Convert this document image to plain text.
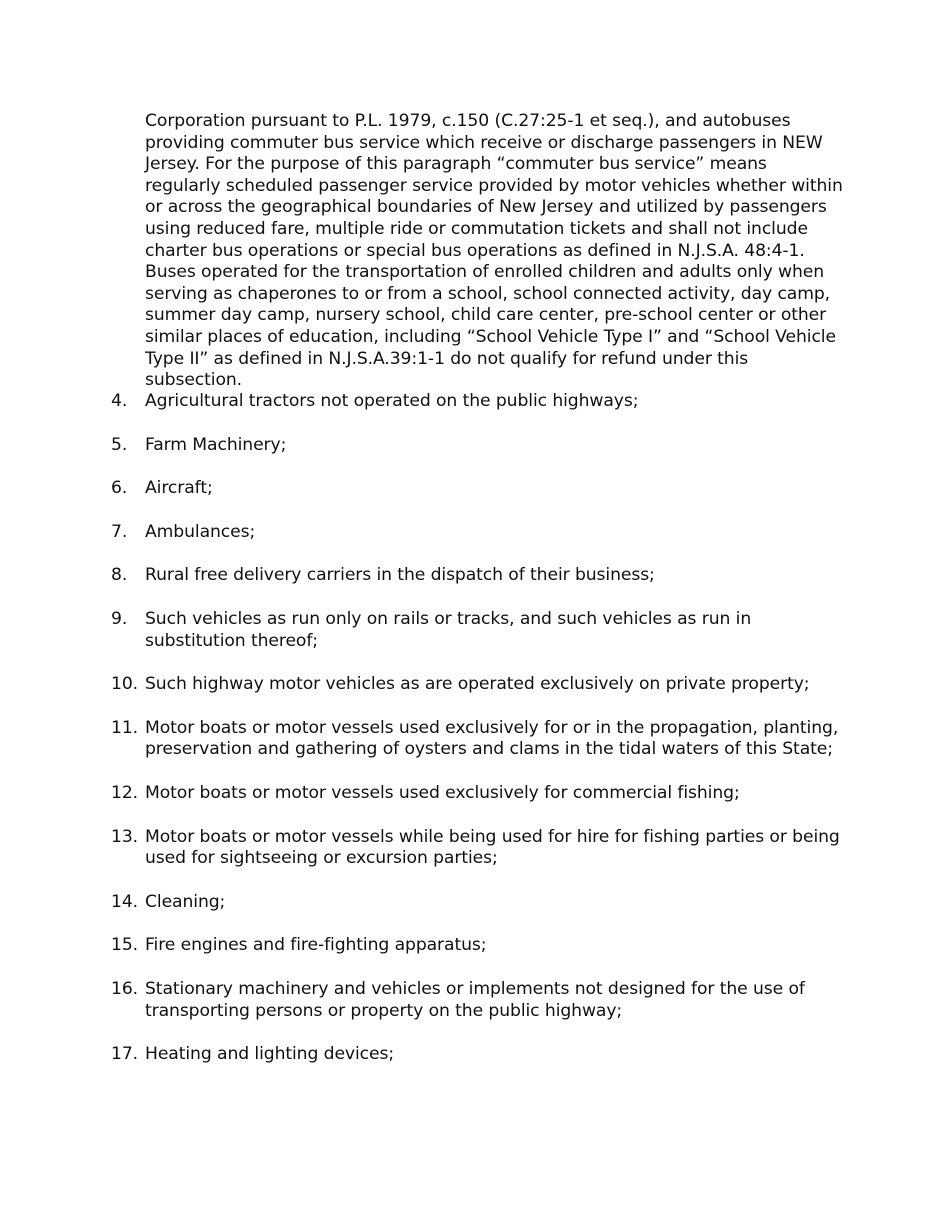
Corporation pursuant to P.L. 1979, c.150 (C.27:25-1 et seq.), and autobuses providing commuter bus service which receive or discharge passengers in NEW Jersey. For the purpose of this paragraph “commuter bus service” means regularly scheduled passenger service provided by motor vehicles whether within or across the geographical boundaries of New Jersey and utilized by passengers using reduced fare, multiple ride or commutation tickets and shall not include charter bus operations or special bus operations as defined in N.J.S.A. 48:4-1. Buses operated for the transportation of enrolled children and adults only when serving as chaperones to or from a school, school connected activity, day camp, summer day camp, nursery school, child care center, pre-school center or other similar places of education, including “School Vehicle Type I” and “School Vehicle Type II” as defined in N.J.S.A.39:1-1 do not qualify for refund under this subsection.

4.	Agricultural tractors not operated on the public highways;
5.	Farm Machinery;
6.	Aircraft;
7.	Ambulances;
8.	Rural free delivery carriers in the dispatch of their business;
9.	Such vehicles as run only on rails or tracks, and such vehicles as run in substitution thereof;
10. Such highway motor vehicles as are operated exclusively on private property;
11. Motor boats or motor vessels used exclusively for or in the propagation, planting, preservation and gathering of oysters and clams in the tidal waters of this State;
12. Motor boats or motor vessels used exclusively for commercial fishing;
13. Motor boats or motor vessels while being used for hire for fishing parties or being used for sightseeing or excursion parties;
14. Cleaning;
15. Fire engines and fire-fighting apparatus;
16. Stationary machinery and vehicles or implements not designed for the use of transporting persons or property on the public highway;
17. Heating and lighting devices;
